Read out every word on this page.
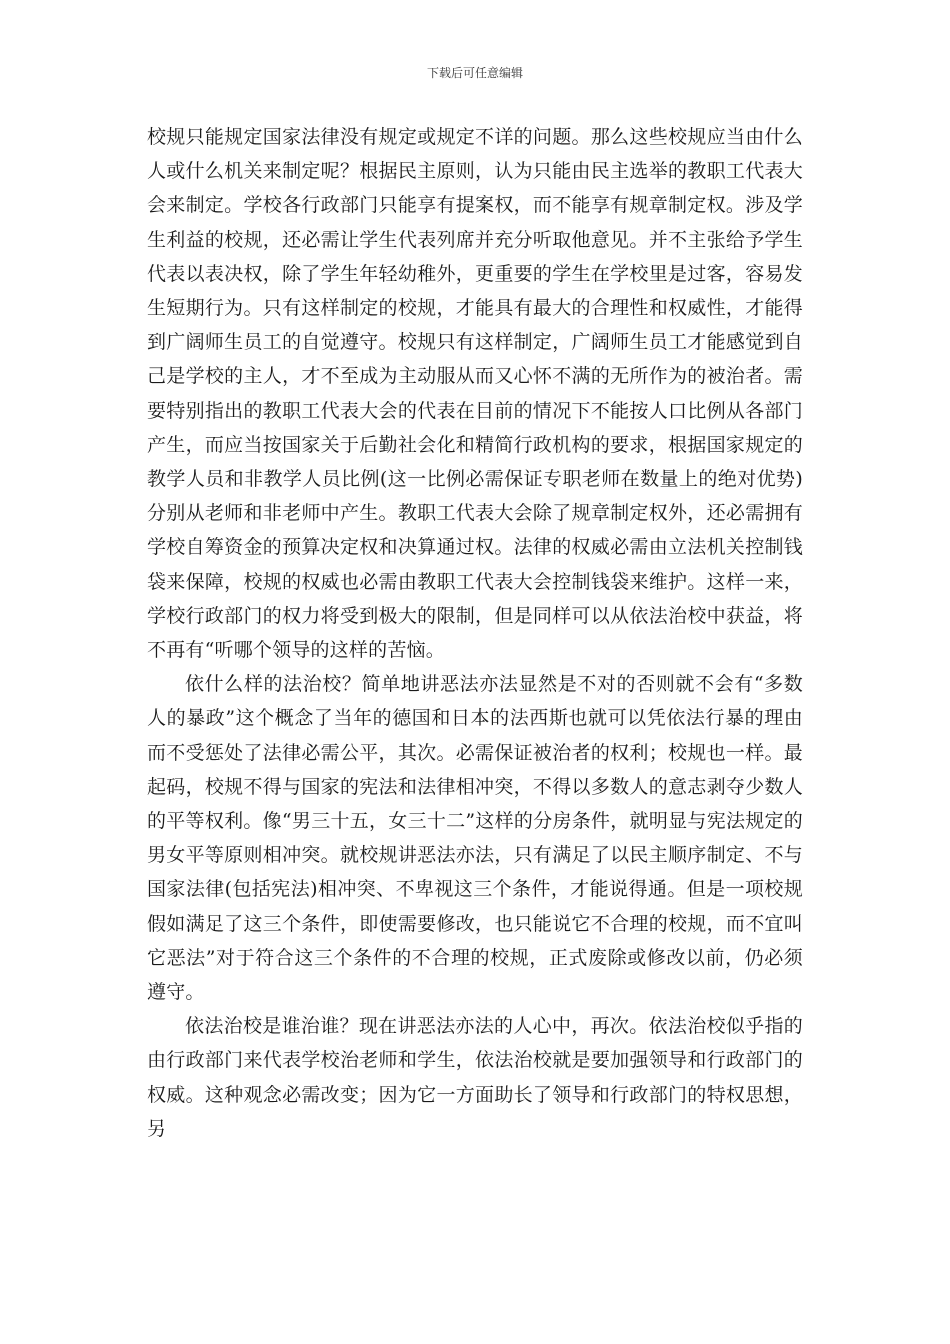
下载后可任意编辑

校规只能规定国家法律没有规定或规定不详的问题。那么这些校规应当由什么人或什么机关来制定呢？根据民主原则，认为只能由民主选举的教职工代表大会来制定。学校各行政部门只能享有提案权，而不能享有规章制定权。涉及学生利益的校规，还必需让学生代表列席并充分听取他意见。并不主张给予学生代表以表决权，除了学生年轻幼稚外，更重要的学生在学校里是过客，容易发生短期行为。只有这样制定的校规，才能具有最大的合理性和权威性，才能得到广阔师生员工的自觉遵守。校规只有这样制定，广阔师生员工才能感觉到自己是学校的主人，才不至成为主动服从而又心怀不满的无所作为的被治者。需要特别指出的教职工代表大会的代表在目前的情况下不能按人口比例从各部门产生，而应当按国家关于后勤社会化和精简行政机构的要求，根据国家规定的教学人员和非教学人员比例(这一比例必需保证专职老师在数量上的绝对优势)分别从老师和非老师中产生。教职工代表大会除了规章制定权外，还必需拥有学校自筹资金的预算决定权和决算通过权。法律的权威必需由立法机关控制钱袋来保障，校规的权威也必需由教职工代表大会控制钱袋来维护。这样一来，学校行政部门的权力将受到极大的限制，但是同样可以从依法治校中获益，将不再有“听哪个领导的这样的苦恼。

依什么样的法治校？简单地讲恶法亦法显然是不对的否则就不会有“多数人的暴政”这个概念了当年的德国和日本的法西斯也就可以凭依法行暴的理由而不受惩处了法律必需公平，其次。必需保证被治者的权利；校规也一样。最起码，校规不得与国家的宪法和法律相冲突，不得以多数人的意志剥夺少数人的平等权利。像“男三十五，女三十二”这样的分房条件，就明显与宪法规定的男女平等原则相冲突。就校规讲恶法亦法，只有满足了以民主顺序制定、不与国家法律(包括宪法)相冲突、不卑视这三个条件，才能说得通。但是一项校规假如满足了这三个条件，即使需要修改，也只能说它不合理的校规，而不宜叫它恶法”对于符合这三个条件的不合理的校规，正式废除或修改以前，仍必须遵守。

依法治校是谁治谁？现在讲恶法亦法的人心中，再次。依法治校似乎指的由行政部门来代表学校治老师和学生，依法治校就是要加强领导和行政部门的权威。这种观念必需改变；因为它一方面助长了领导和行政部门的特权思想，另
